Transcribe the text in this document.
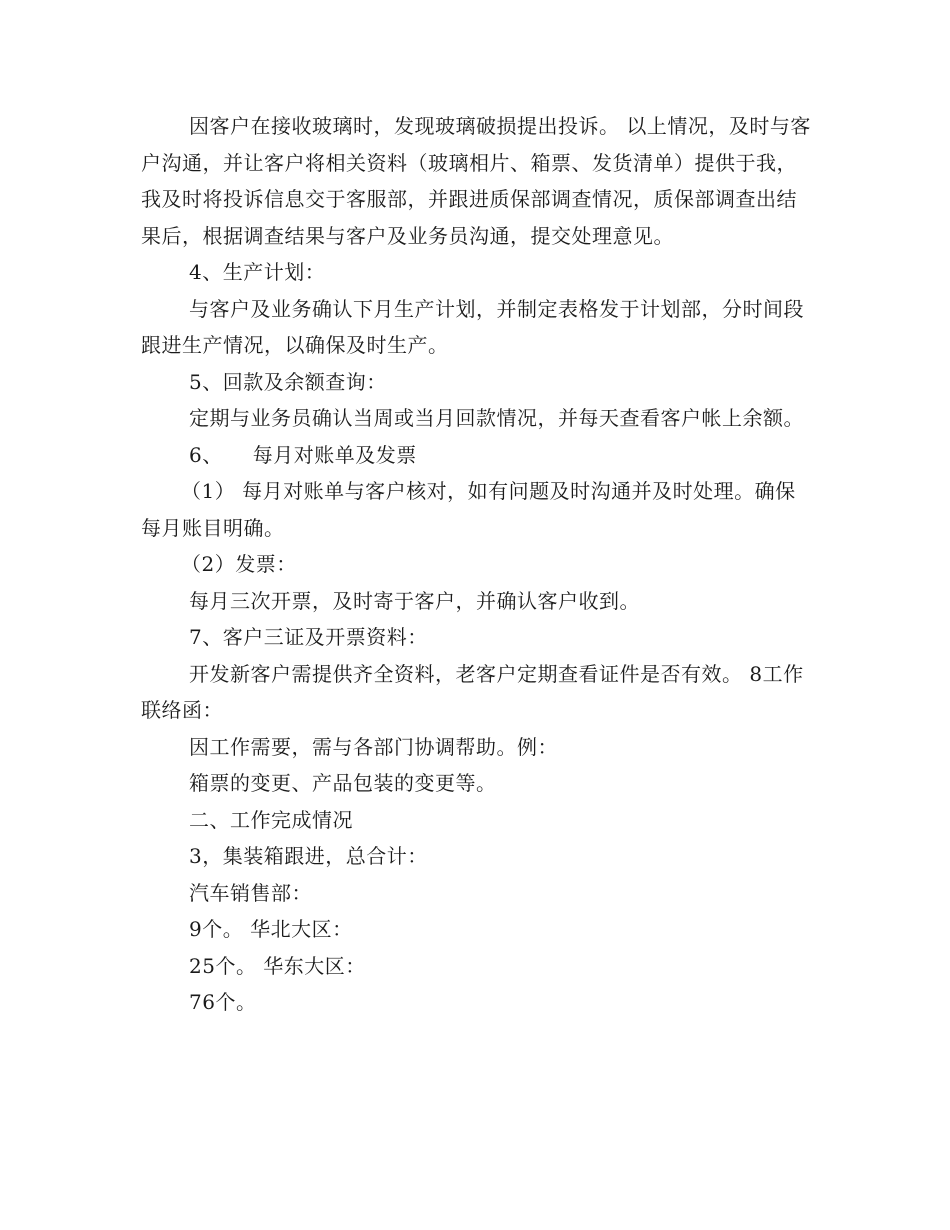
因客户在接收玻璃时，发现玻璃破损提出投诉。 以上情况，及时与客户沟通，并让客户将相关资料（玻璃相片、箱票、发货清单）提供于我，我及时将投诉信息交于客服部，并跟进质保部调查情况，质保部调查出结果后，根据调查结果与客户及业务员沟通，提交处理意见。

4、生产计划：

与客户及业务确认下月生产计划，并制定表格发于计划部，分时间段跟进生产情况，以确保及时生产。

5、回款及余额查询：

定期与业务员确认当周或当月回款情况，并每天查看客户帐上余额。

6、 每月对账单及发票

（1） 每月对账单与客户核对，如有问题及时沟通并及时处理。确保每月账目明确。

（2）发票：

每月三次开票，及时寄于客户，并确认客户收到。

7、客户三证及开票资料：

开发新客户需提供齐全资料，老客户定期查看证件是否有效。 8工作联络函：

因工作需要，需与各部门协调帮助。例：

箱票的变更、产品包装的变更等。

二、工作完成情况

3，集装箱跟进，总合计：

汽车销售部：

9个。 华北大区：

25个。 华东大区：

76个。
